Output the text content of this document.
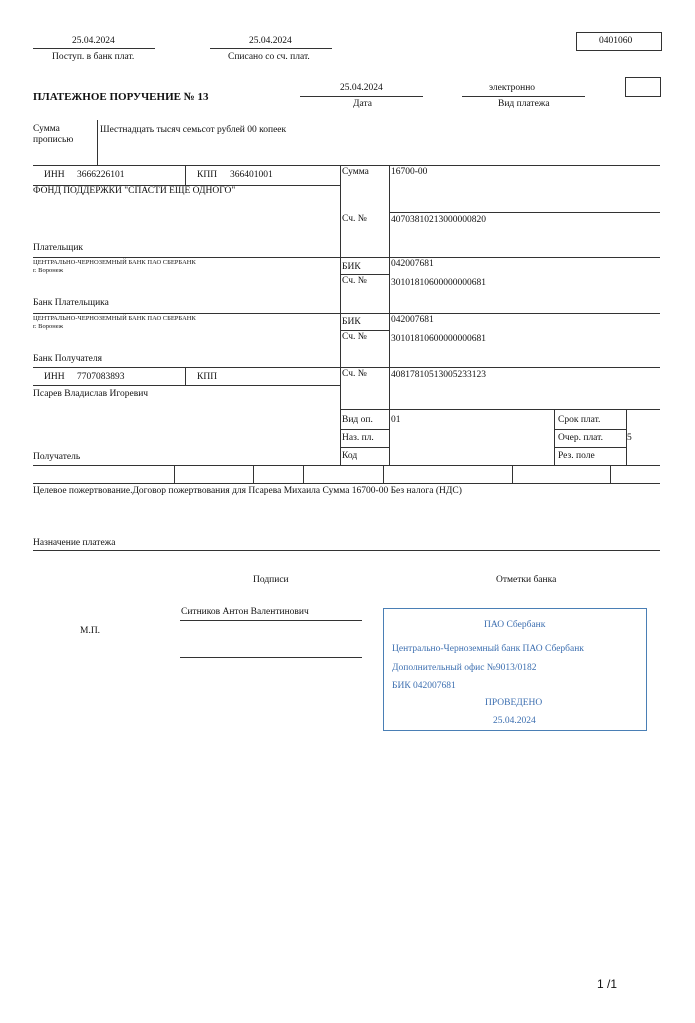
25.04.2024
Поступ. в банк плат.
25.04.2024
Списано со сч. плат.
0401060
ПЛАТЕЖНОЕ ПОРУЧЕНИЕ № 13
25.04.2024
Дата
электронно
Вид платежа
Сумма
прописью
Шестнадцать тысяч семьсот рублей 00 копеек
ИНН 3666226101	КПП 366401001
ФОНД ПОДДЕРЖКИ "СПАСТИ ЕЩЕ ОДНОГО"
Плательщик
Сумма 16700-00
Сч. №	40703810213000000820
ЦЕНТРАЛЬНО-ЧЕРНОЗЕМНЫЙ БАНК ПАО СБЕРБАНК
г. Воронеж
Банк Плательщика
БИК	042007681
Сч. №	30101810600000000681
ЦЕНТРАЛЬНО-ЧЕРНОЗЕМНЫЙ БАНК ПАО СБЕРБАНК
г. Воронеж
Банк Получателя
БИК	042007681
Сч. №	30101810600000000681
ИНН 7707083893	КПП
Псарев Владислав Игоревич
Получатель
Сч. №	40817810513005233123
Вид оп. 01
Наз. пл.
Код
Срок плат.
Очер. плат.	5
Рез. поле
Целевое пожертвование.Договор пожертвования для Псарева Михаила Сумма 16700-00 Без налога (НДС)
Назначение платежа
Подписи	Отметки банка
М.П.
Ситников Антон Валентинович
ПАО Сбербанк
Центрально-Черноземный банк ПАО Сбербанк
Дополнительный офис №9013/0182
БИК 042007681
ПРОВЕДЕНО
25.04.2024
1 /1
